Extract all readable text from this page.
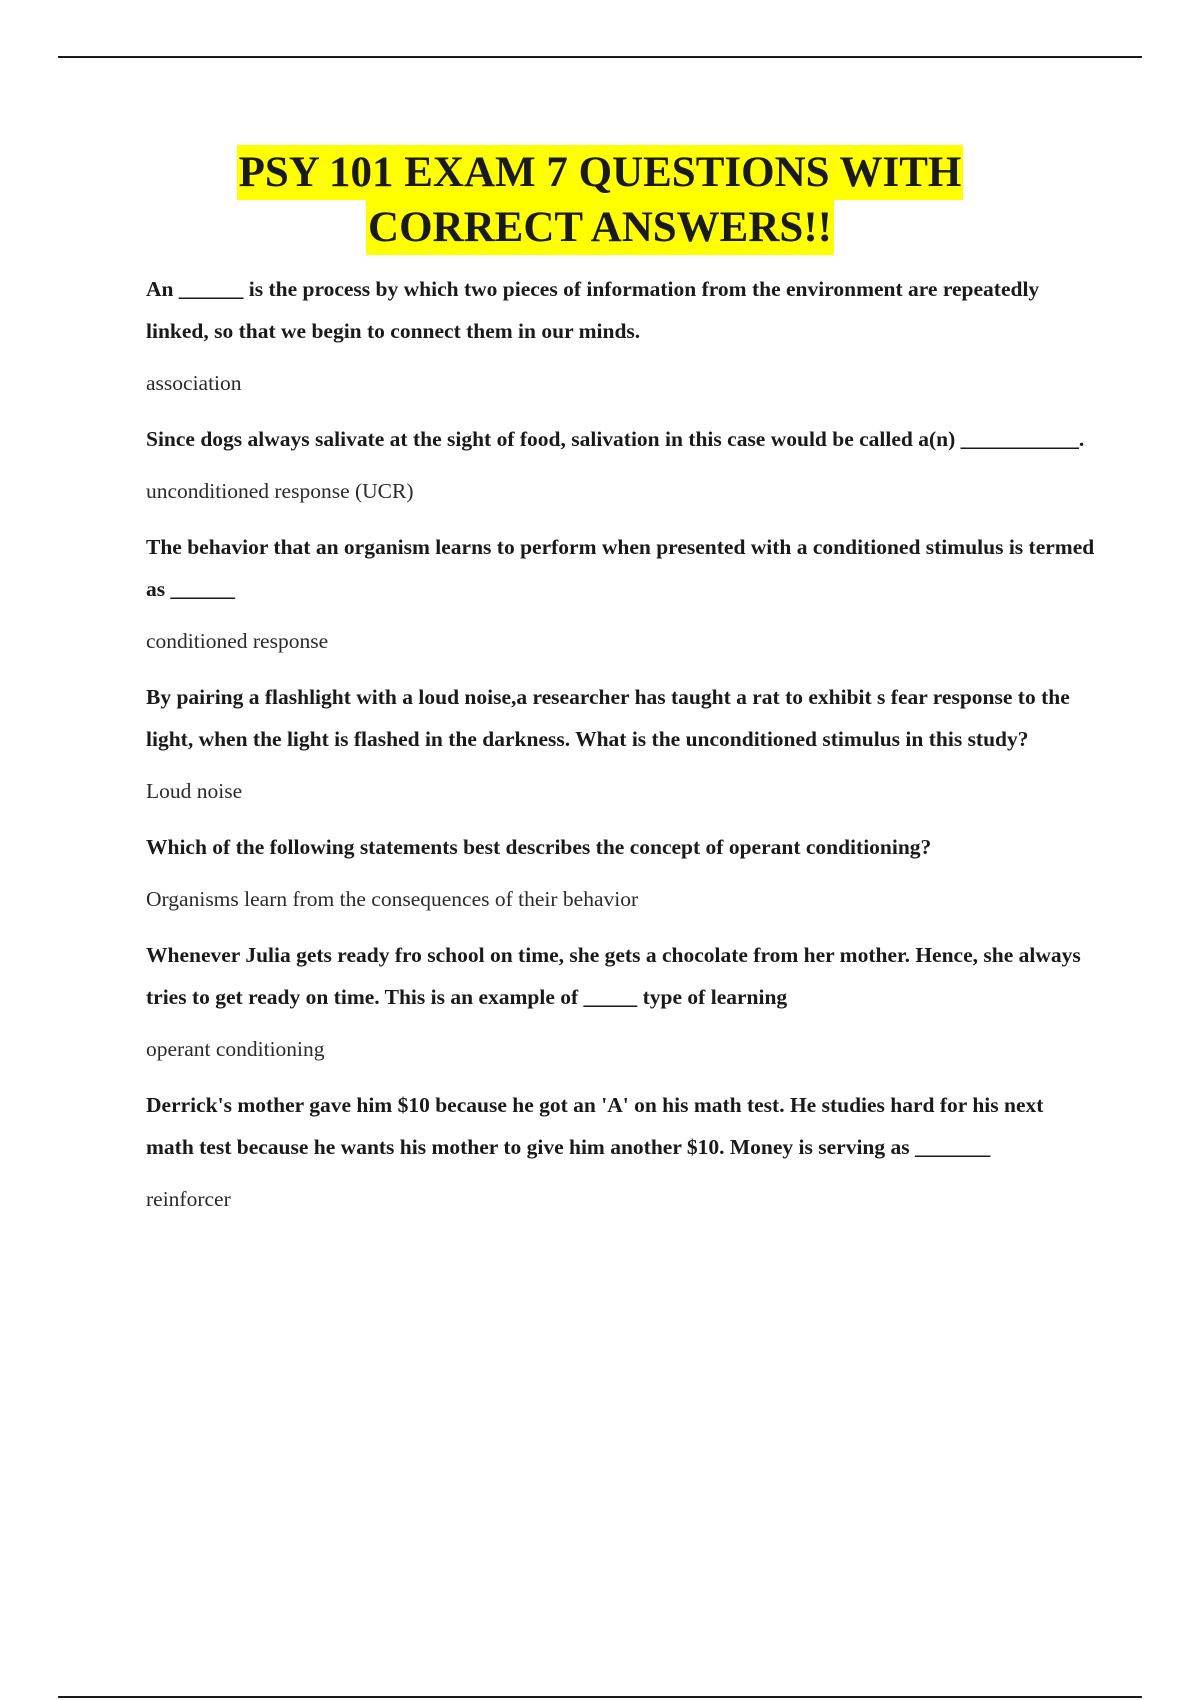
PSY 101 EXAM 7 QUESTIONS WITH
CORRECT ANSWERS!!

An ______ is the process by which two pieces of information from the environment are repeatedly linked, so that we begin to connect them in our minds.

association

Since dogs always salivate at the sight of food, salivation in this case would be called a(n) ___________.

unconditioned response (UCR)

The behavior that an organism learns to perform when presented with a conditioned stimulus is termed as ______

conditioned response

By pairing a flashlight with a loud noise,a researcher has taught a rat to exhibit s fear response to the light, when the light is flashed in the darkness. What is the unconditioned stimulus in this study?

Loud noise

Which of the following statements best describes the concept of operant conditioning?

Organisms learn from the consequences of their behavior

Whenever Julia gets ready fro school on time, she gets a chocolate from her mother. Hence, she always tries to get ready on time. This is an example of _____ type of learning

operant conditioning

Derrick's mother gave him $10 because he got an 'A' on his math test. He studies hard for his next math test because he wants his mother to give him another $10. Money is serving as _______

reinforcer
